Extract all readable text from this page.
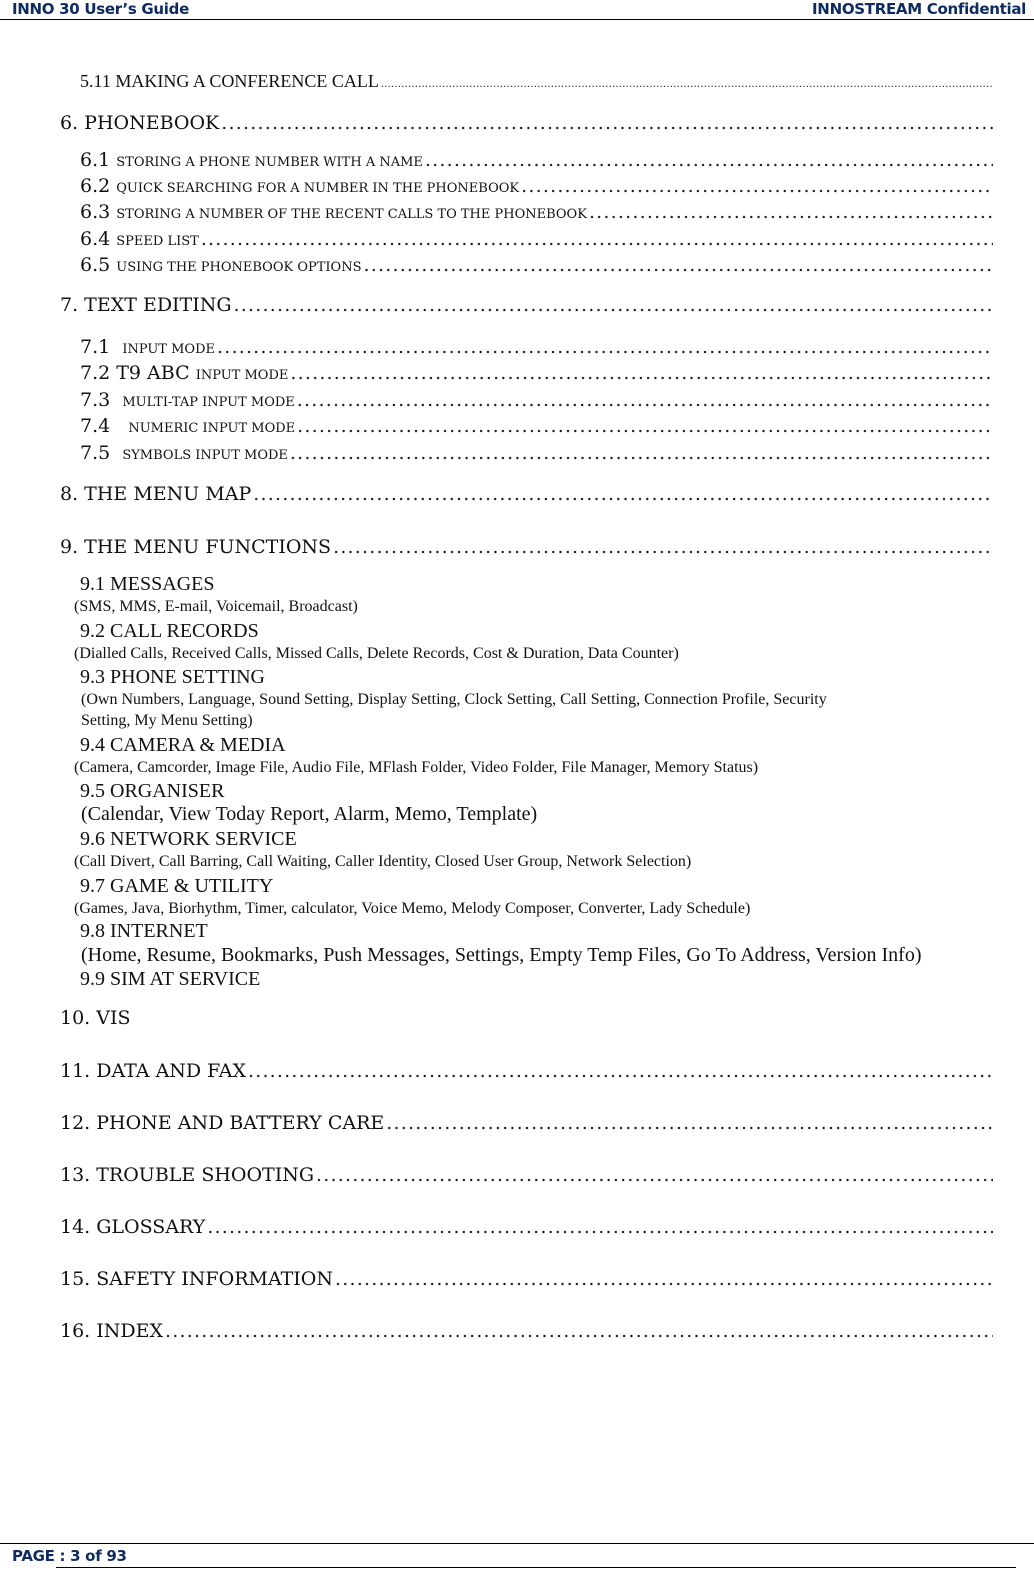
INNO 30 User’s Guide	INNOSTREAM Confidential
5.11 MAKING A CONFERENCE CALL
.....
6. PHONEBOOK
.....
6.1 STORING A PHONE NUMBER WITH A NAME
.....
6.2 QUICK SEARCHING FOR A NUMBER IN THE PHONEBOOK
.....
6.3 STORING A NUMBER OF THE RECENT CALLS TO THE PHONEBOOK
.....
6.4 SPEED LIST
.....
6.5 USING THE PHONEBOOK OPTIONS
.....
7. TEXT EDITING
.....
7.1 INPUT MODE
.....
7.2 T9 ABC INPUT MODE
.....
7.3 MULTI-TAP INPUT MODE
.....
7.4 NUMERIC INPUT MODE
.....
7.5 SYMBOLS INPUT MODE
.....
8. THE MENU MAP
.....
9. THE MENU FUNCTIONS
.....
9.1 MESSAGES
(SMS, MMS, E-mail, Voicemail, Broadcast)
9.2 CALL RECORDS
(Dialled Calls, Received Calls, Missed Calls, Delete Records, Cost & Duration, Data Counter)
9.3 PHONE SETTING
(Own Numbers, Language, Sound Setting, Display Setting, Clock Setting, Call Setting, Connection Profile, Security
Setting, My Menu Setting)
9.4 CAMERA & MEDIA
(Camera, Camcorder, Image File, Audio File, MFlash Folder, Video Folder, File Manager, Memory Status)
9.5 ORGANISER
(Calendar, View Today Report, Alarm, Memo, Template)
9.6 NETWORK SERVICE
(Call Divert, Call Barring, Call Waiting, Caller Identity, Closed User Group, Network Selection)
9.7 GAME & UTILITY
(Games, Java, Biorhythm, Timer, calculator, Voice Memo, Melody Composer, Converter, Lady Schedule)
9.8 INTERNET
(Home, Resume, Bookmarks, Push Messages, Settings, Empty Temp Files, Go To Address, Version Info)
9.9 SIM AT SERVICE
10. VIS
11. DATA AND FAX
.....
12. PHONE AND BATTERY CARE
.....
13. TROUBLE SHOOTING
.....
14. GLOSSARY
.....
15. SAFETY INFORMATION
.....
16. INDEX
.....
PAGE : 3 of 93
